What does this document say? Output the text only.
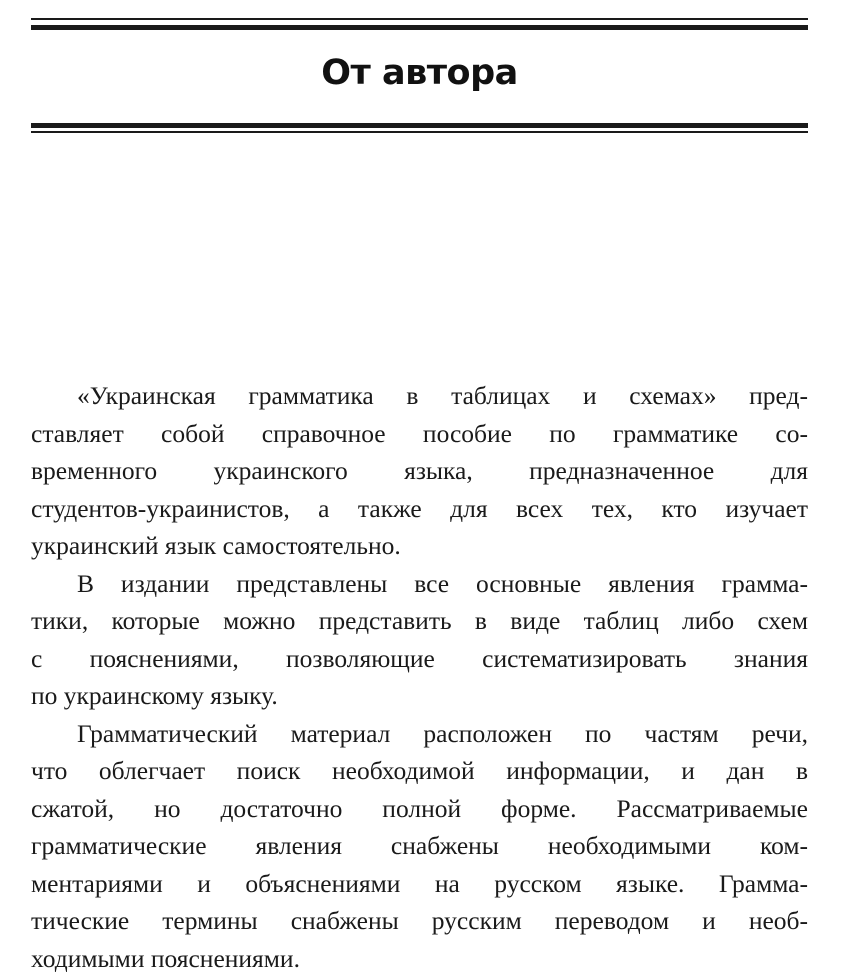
От автора
«Украинская грамматика в таблицах и схемах» пред-
ставляет собой справочное пособие по грамматике со-
временного украинского языка, предназначенное для
студентов-украинистов, а также для всех тех, кто изучает
украинский язык самостоятельно.
В издании представлены все основные явления грамма-
тики, которые можно представить в виде таблиц либо схем
с пояснениями, позволяющие систематизировать знания
по украинскому языку.
Грамматический материал расположен по частям речи,
что облегчает поиск необходимой информации, и дан в
сжатой, но достаточно полной форме. Рассматриваемые
грамматические явления снабжены необходимыми ком-
ментариями и объяснениями на русском языке. Грамма-
тические термины снабжены русским переводом и необ-
ходимыми пояснениями.
